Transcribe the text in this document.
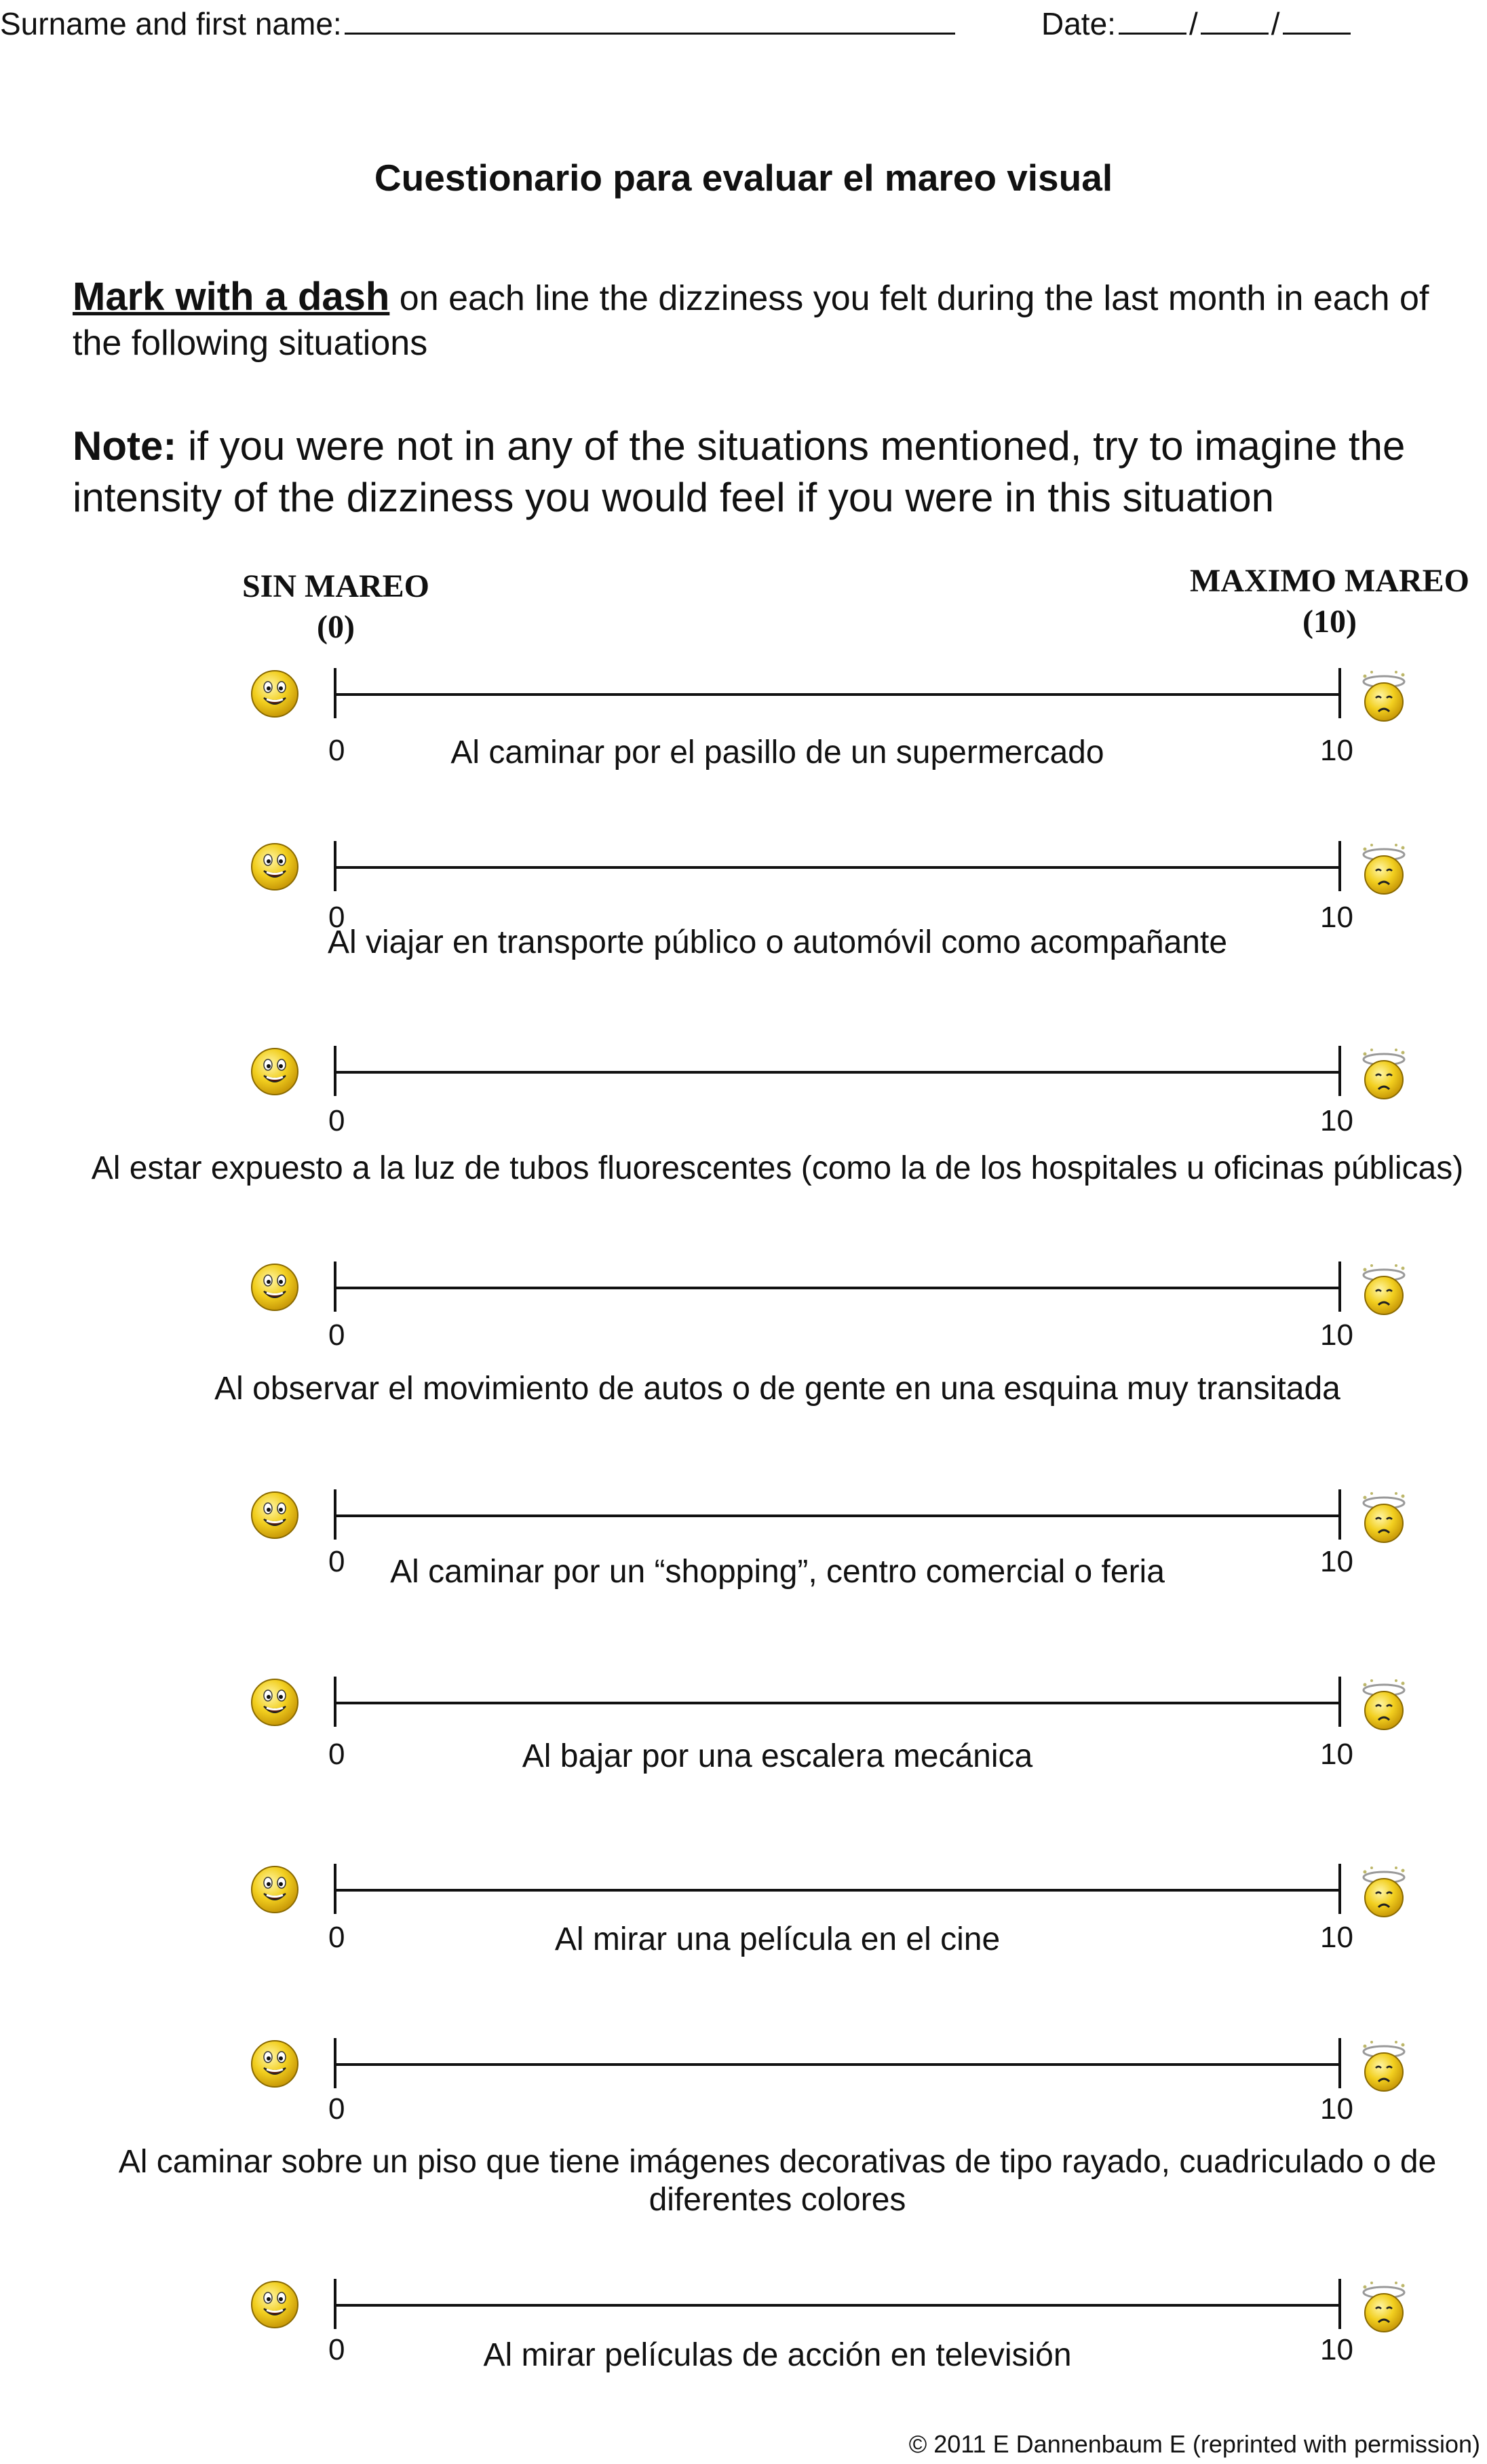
Surname and first name:	Date: / /
Cuestionario para evaluar el mareo visual
Mark with a dash on each line the dizziness you felt during the last month in each of the following situations
Note: if you were not in any of the situations mentioned, try to imagine the intensity of the dizziness you would feel if you were in this situation
SIN MAREO
(0)
MAXIMO MAREO
(10)
0	10
Al caminar por el pasillo de un supermercado
0	10
Al viajar en transporte público o automóvil como acompañante
0	10
Al estar expuesto a la luz de tubos fluorescentes (como la de los hospitales u oficinas públicas)
0	10
Al observar el movimiento de autos o de gente en una esquina muy transitada
0	10
Al caminar por un “shopping”, centro comercial o feria
0	10
Al bajar por una escalera mecánica
0	10
Al mirar una película en el cine
0	10
Al caminar sobre un piso que tiene imágenes decorativas de tipo rayado, cuadriculado o de diferentes colores
0	10
Al mirar películas de acción en televisión
© 2011 E Dannenbaum E (reprinted with permission)
